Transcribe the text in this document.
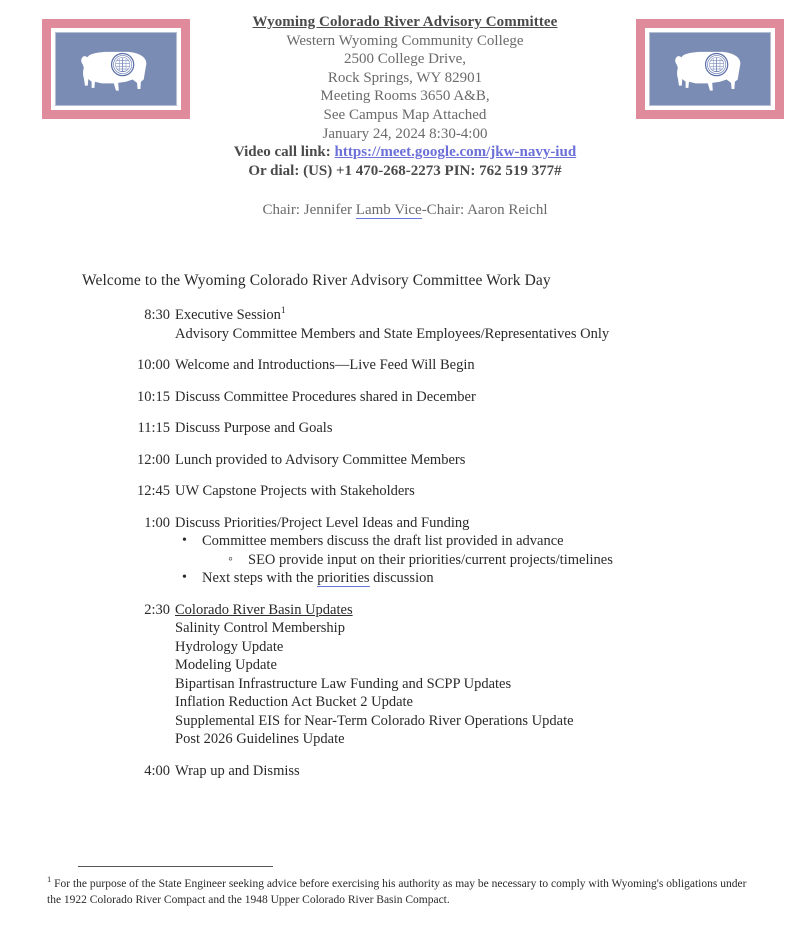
Wyoming Colorado River Advisory Committee
Western Wyoming Community College
2500 College Drive,
Rock Springs, WY 82901
Meeting Rooms 3650 A&B,
See Campus Map Attached
January 24, 2024 8:30-4:00
Video call link: https://meet.google.com/jkw-navy-iud
Or dial: (US) +1 470-268-2273 PIN: 762 519 377#
Chair: Jennifer Lamb Vice-Chair: Aaron Reichl
Welcome to the Wyoming Colorado River Advisory Committee Work Day
8:30 Executive Session$^1$
Advisory Committee Members and State Employees/Representatives Only
10:00 Welcome and Introductions—Live Feed Will Begin
10:15 Discuss Committee Procedures shared in December
11:15 Discuss Purpose and Goals
12:00 Lunch provided to Advisory Committee Members
12:45 UW Capstone Projects with Stakeholders
1:00 Discuss Priorities/Project Level Ideas and Funding
• Committee members discuss the draft list provided in advance
◦ SEO provide input on their priorities/current projects/timelines
• Next steps with the priorities discussion
2:30 Colorado River Basin Updates
Salinity Control Membership
Hydrology Update
Modeling Update
Bipartisan Infrastructure Law Funding and SCPP Updates
Inflation Reduction Act Bucket 2 Update
Supplemental EIS for Near-Term Colorado River Operations Update
Post 2026 Guidelines Update
4:00 Wrap up and Dismiss
$^1$ For the purpose of the State Engineer seeking advice before exercising his authority as may be necessary to comply with Wyoming's obligations under the 1922 Colorado River Compact and the 1948 Upper Colorado River Basin Compact.
